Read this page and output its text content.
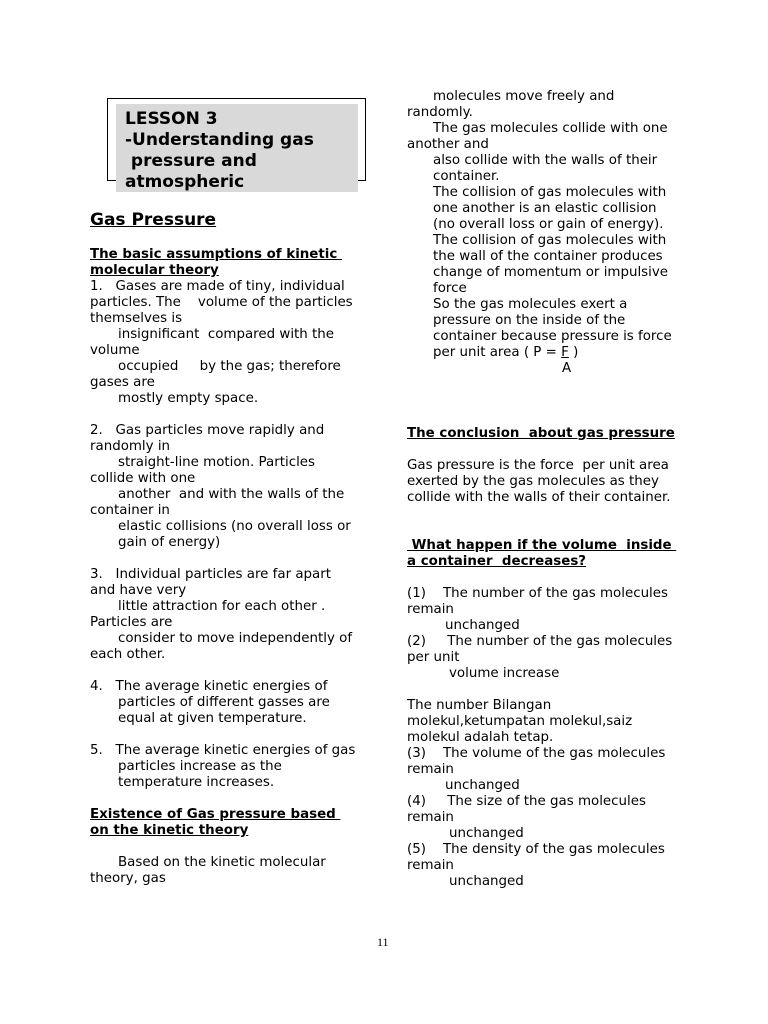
LESSON 3
-Understanding gas
pressure and
atmospheric
Gas Pressure
The basic assumptions of kinetic
molecular theory
1.   Gases are made of tiny, individual
particles. The    volume of the particles
themselves is
insignificant  compared with the
volume
occupied     by the gas; therefore
gases are
mostly empty space.
2.   Gas particles move rapidly and
randomly in
straight-line motion. Particles
collide with one
another  and with the walls of the
container in
elastic collisions (no overall loss or
gain of energy)
3.   Individual particles are far apart
and have very
little attraction for each other .
Particles are
consider to move independently of
each other.
4.   The average kinetic energies of
particles of different gasses are
equal at given temperature.
5.   The average kinetic energies of gas
particles increase as the
temperature increases.
Existence of Gas pressure based
on the kinetic theory
Based on the kinetic molecular
theory, gas
molecules move freely and
randomly.
The gas molecules collide with one
another and
also collide with the walls of their
container.
The collision of gas molecules with
one another is an elastic collision
(no overall loss or gain of energy).
The collision of gas molecules with
the wall of the container produces
change of momentum or impulsive
force
So the gas molecules exert a
pressure on the inside of the
container because pressure is force
per unit area ( P = F )
A
The conclusion  about gas pressure
Gas pressure is the force  per unit area
exerted by the gas molecules as they
collide with the walls of their container.
What happen if the volume  inside
a container  decreases?
(1)    The number of the gas molecules
remain
unchanged
(2)     The number of the gas molecules
per unit
volume increase
The number Bilangan
molekul,ketumpatan molekul,saiz
molekul adalah tetap.
(3)    The volume of the gas molecules
remain
unchanged
(4)     The size of the gas molecules
remain
unchanged
(5)    The density of the gas molecules
remain
unchanged
11
